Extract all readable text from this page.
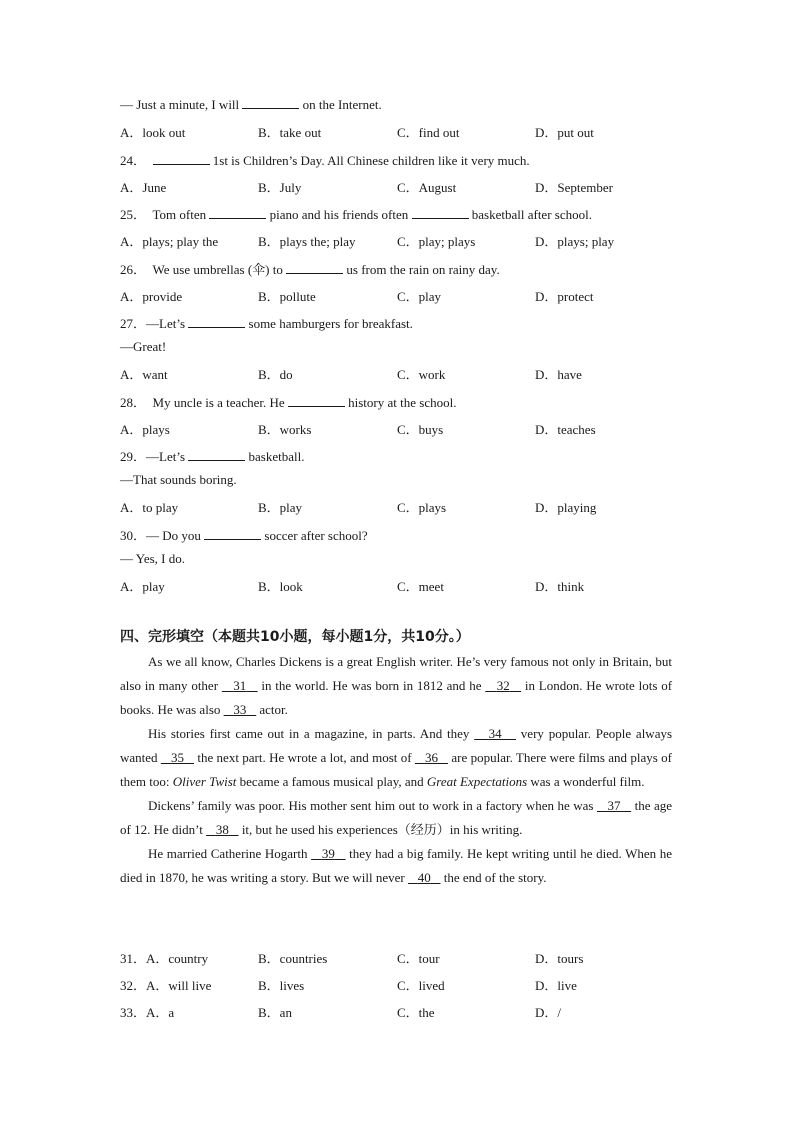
— Just a minute, I will	on the Internet.
A．look out	B．take out	C．find out	D．put out
24．	1st is Children’s Day. All Chinese children like it very much.
A．June	B．July	C．August	D．September
25． Tom often	piano and his friends often	basketball after school.
A．plays; play the	B．plays the; play	C．play; plays	D．plays; play
26． We use umbrellas (伞) to	us from the rain on rainy day.
A．provide	B．pollute	C．play	D．protect
27．—Let’s	some hamburgers for breakfast.
—Great!
A．want	B．do	C．work	D．have
28． My uncle is a teacher. He	history at the school.
A．plays	B．works	C．buys	D．teaches
29．—Let’s	basketball.
—That sounds boring.
A．to play	B．play	C．plays	D．playing
30．— Do you	soccer after school?
— Yes, I do.
A．play	B．look	C．meet	D．think
四、完形填空（本题共10小题，每小题1分，共10分。）

As we all know, Charles Dickens is a great English writer. He’s very famous not only in Britain, but also in many other    31    in the world. He was born in 1812 and he    32    in London. He wrote lots of books. He was also    33    actor.

His stories first came out in a magazine, in parts. And they    34    very popular. People always wanted    35    the next part. He wrote a lot, and most of    36    are popular. There were films and plays of them too: Oliver Twist became a famous musical play, and Great Expectations was a wonderful film.

Dickens’ family was poor. His mother sent him out to work in a factory when he was    37    the age of 12. He didn’t    38    it, but he used his experiences（经历）in his writing.

He married Catherine Hogarth    39    they had a big family. He kept writing until he died. When he died in 1870, he was writing a story. But we will never    40    the end of the story.

31．A．country	B．countries	C．tour	D．tours
32．A．will live	B．lives	C．lived	D．live
33．A．a	B．an	C．the	D．/
